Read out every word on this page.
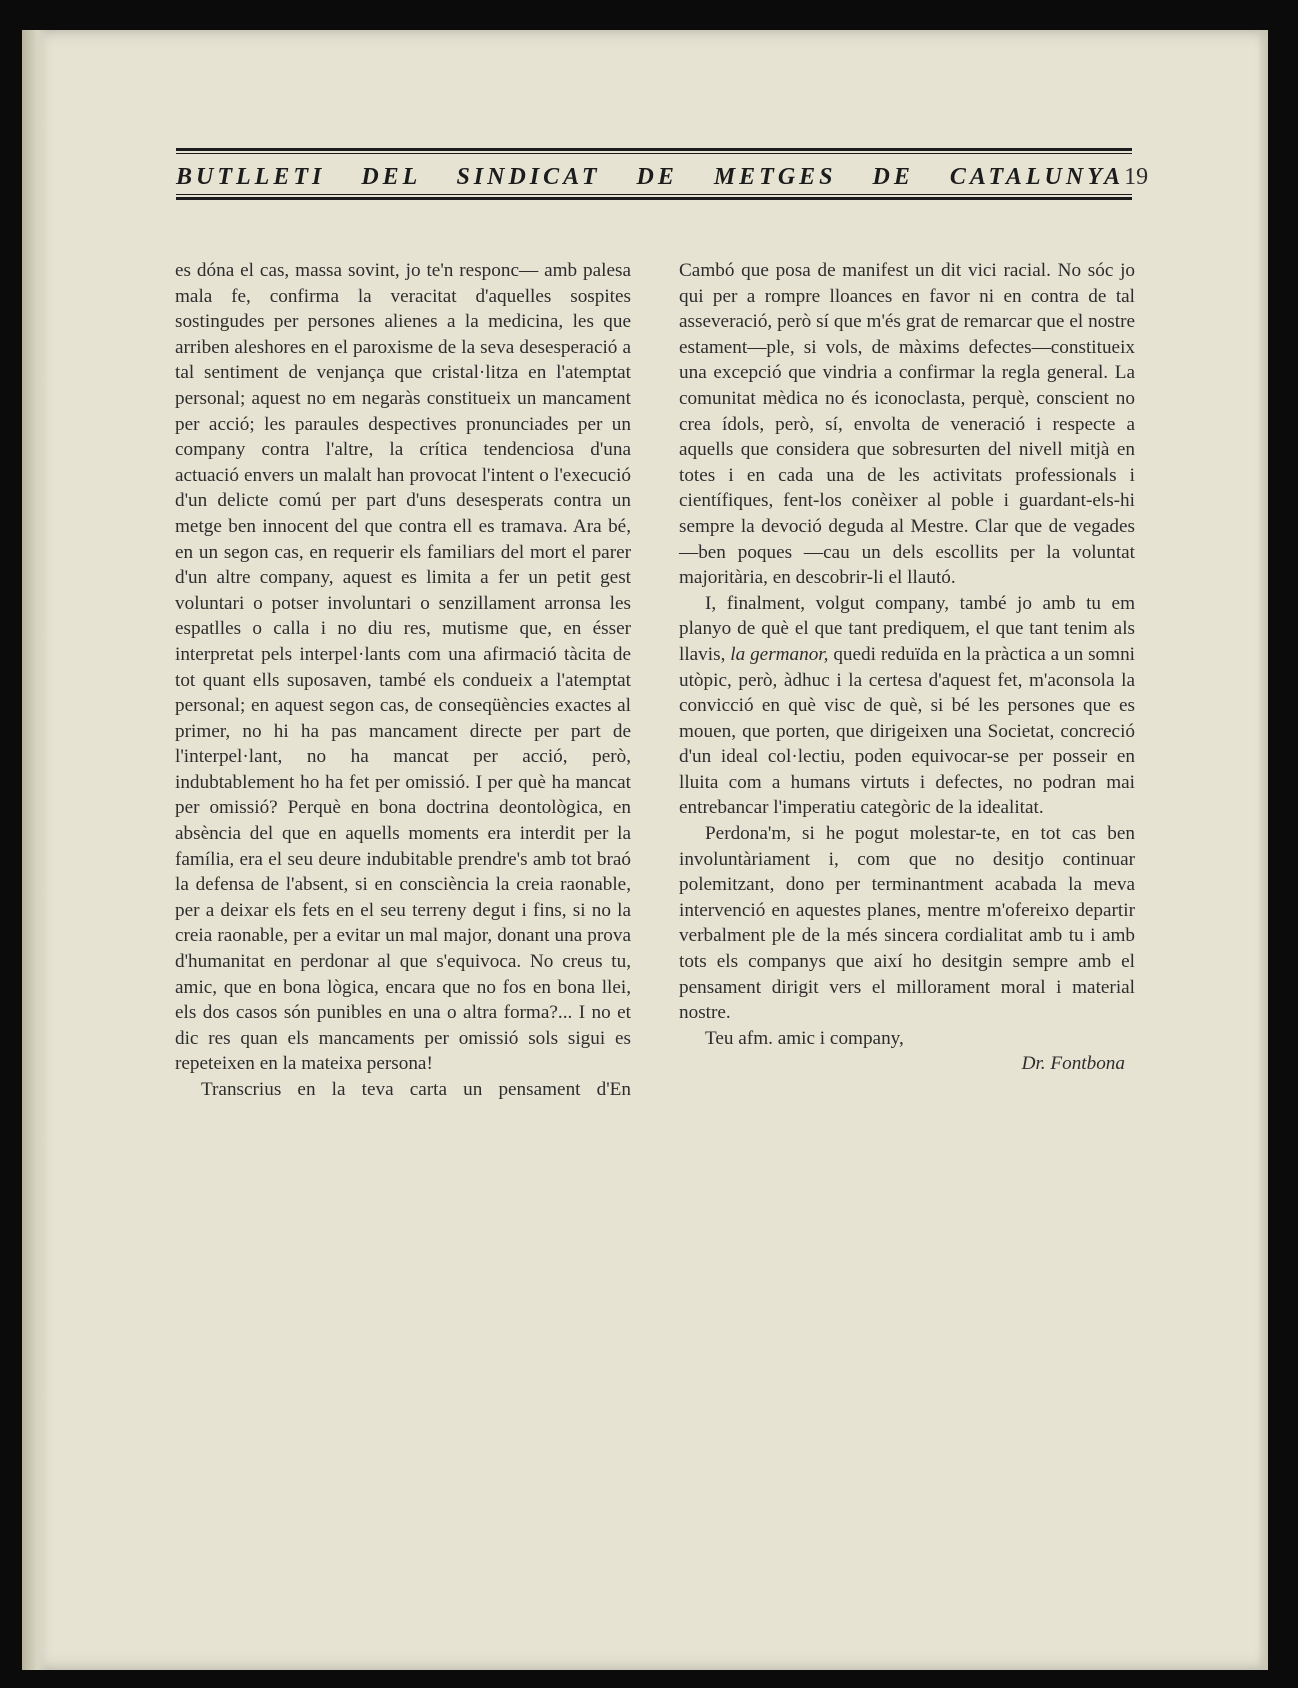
BUTLLETI DEL SINDICAT DE METGES DE CATALUNYA 19

es dóna el cas, massa sovint, jo te'n responc— amb palesa mala fe, confirma la veracitat d'aquelles sospites sostingudes per persones alienes a la medicina, les que arriben aleshores en el paroxisme de la seva desesperació a tal sentiment de venjança que cristal·litza en l'atemptat personal; aquest no em negaràs constitueix un mancament per acció; les paraules despectives pronunciades per un company contra l'altre, la crítica tendenciosa d'una actuació envers un malalt han provocat l'intent o l'execució d'un delicte comú per part d'uns desesperats contra un metge ben innocent del que contra ell es tramava. Ara bé, en un segon cas, en requerir els familiars del mort el parer d'un altre company, aquest es limita a fer un petit gest voluntari o potser involuntari o senzillament arronsa les espatlles o calla i no diu res, mutisme que, en ésser interpretat pels interpel·lants com una afirmació tàcita de tot quant ells suposaven, també els condueix a l'atemptat personal; en aquest segon cas, de conseqüències exactes al primer, no hi ha pas mancament directe per part de l'interpel·lant, no ha mancat per acció, però, indubtablement ho ha fet per omissió. I per què ha mancat per omissió? Perquè en bona doctrina deontològica, en absència del que en aquells moments era interdit per la família, era el seu deure indubitable prendre's amb tot braó la defensa de l'absent, si en consciència la creia raonable, per a deixar els fets en el seu terreny degut i fins, si no la creia raonable, per a evitar un mal major, donant una prova d'humanitat en perdonar al que s'equivoca. No creus tu, amic, que en bona lògica, encara que no fos en bona llei, els dos casos són punibles en una o altra forma?... I no et dic res quan els mancaments per omissió sols sigui es repeteixen en la mateixa persona!

Transcrius en la teva carta un pensament d'En

Cambó que posa de manifest un dit vici racial. No sóc jo qui per a rompre lloances en favor ni en contra de tal asseveració, però sí que m'és grat de remarcar que el nostre estament—ple, si vols, de màxims defectes—constitueix una excepció que vindria a confirmar la regla general. La comunitat mèdica no és iconoclasta, perquè, conscient no crea ídols, però, sí, envolta de veneració i respecte a aquells que considera que sobresurten del nivell mitjà en totes i en cada una de les activitats professionals i científiques, fent-los conèixer al poble i guardant-els-hi sempre la devoció deguda al Mestre. Clar que de vegades—ben poques —cau un dels escollits per la voluntat majoritària, en descobrir-li el llautó.

I, finalment, volgut company, també jo amb tu em planyo de què el que tant prediquem, el que tant tenim als llavis, la germanor, quedi reduïda en la pràctica a un somni utòpic, però, àdhuc i la certesa d'aquest fet, m'aconsola la convicció en què visc de què, si bé les persones que es mouen, que porten, que dirigeixen una Societat, concreció d'un ideal col·lectiu, poden equivocar-se per posseir en lluita com a humans virtuts i defectes, no podran mai entrebancar l'imperatiu categòric de la idealitat.

Perdona'm, si he pogut molestar-te, en tot cas ben involuntàriament i, com que no desitjo continuar polemitzant, dono per terminantment acabada la meva intervenció en aquestes planes, mentre m'ofereixo departir verbalment ple de la més sincera cordialitat amb tu i amb tots els companys que així ho desitgin sempre amb el pensament dirigit vers el millorament moral i material nostre.

Teu afm. amic i company,

Dr. Fontbona
